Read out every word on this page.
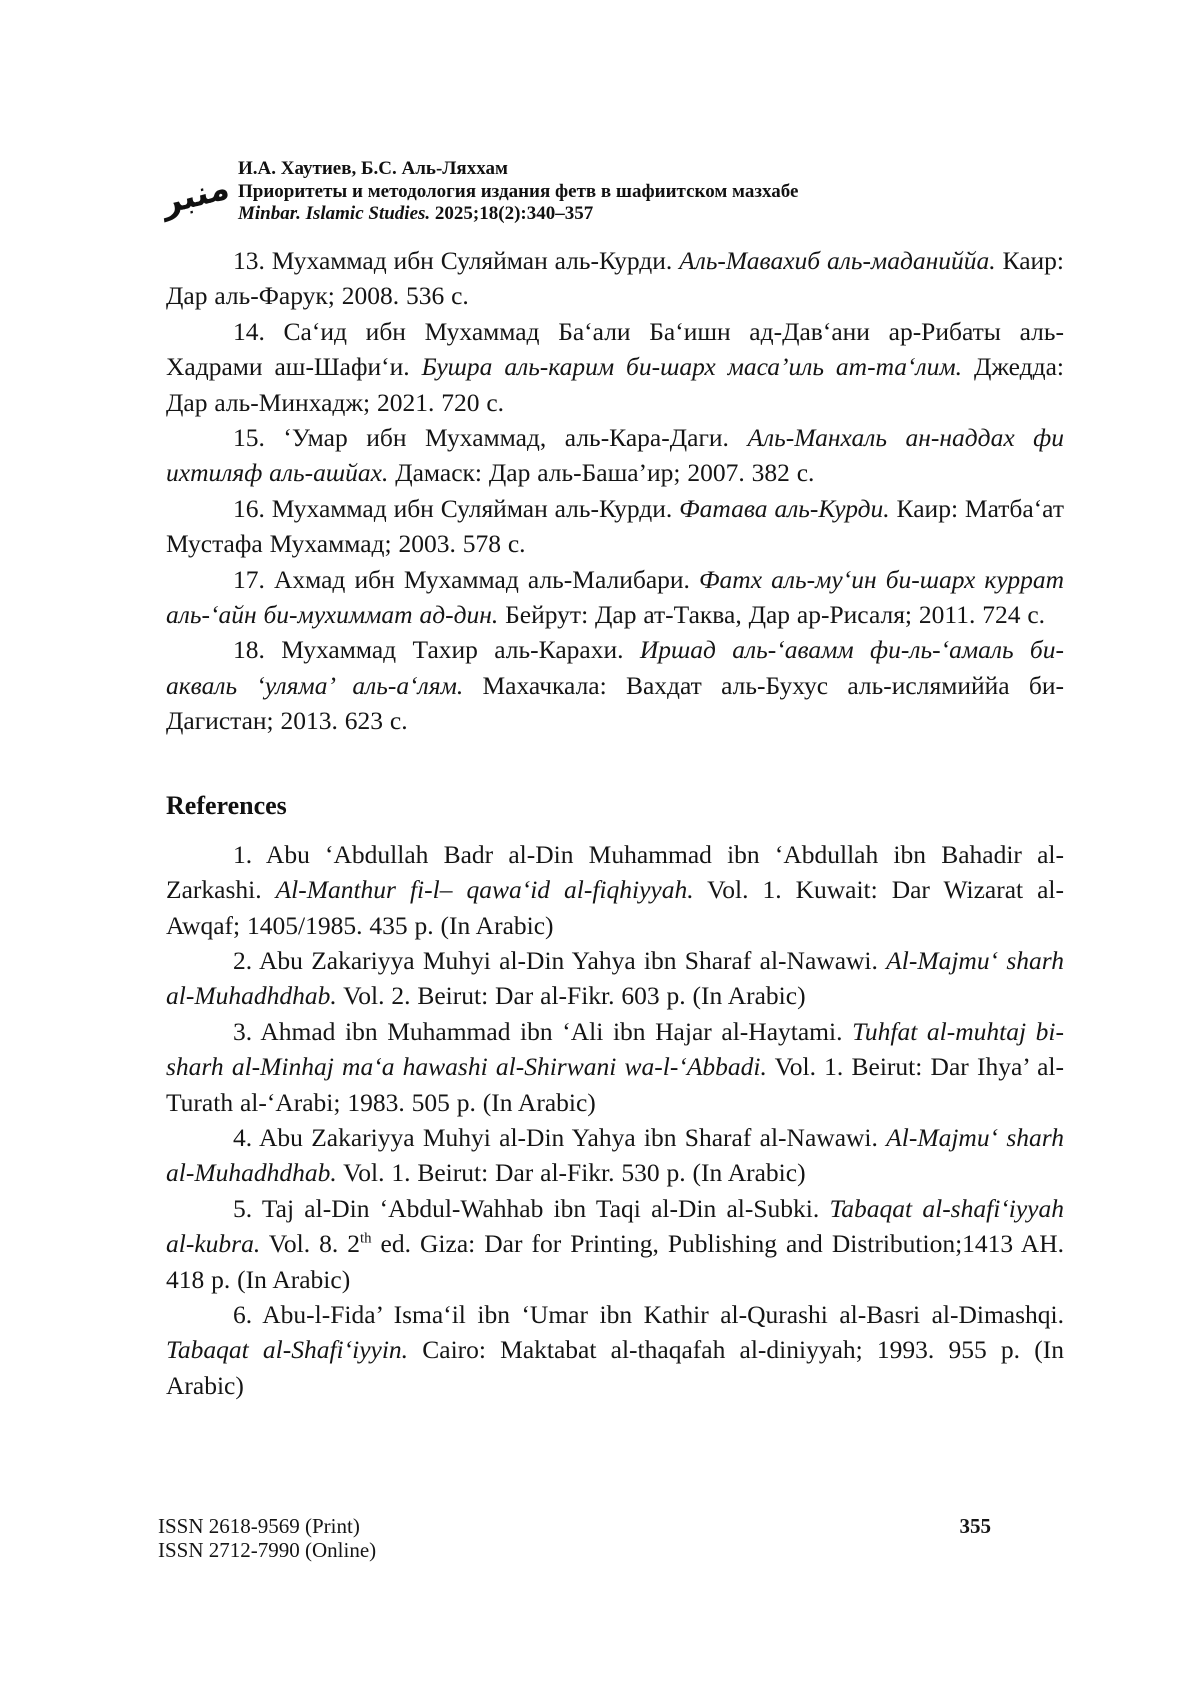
منبر И.А. Хаутиев, Б.С. Аль-Ляххам
Приоритеты и методология издания фетв в шафиитском мазхабе
Minbar. Islamic Studies. 2025;18(2):340–357

13. Мухаммад ибн Суляйман аль-Курди. Аль-Мавахиб аль-маданиййа. Каир: Дар аль-Фарук; 2008. 536 с.

14. Са‘ид ибн Мухаммад Ба‘али Ба‘ишн ад-Дав‘ани ар-Рибаты аль-Хадрами аш-Шафи‘и. Бушра аль-карим би-шарх маса’иль ат-та‘лим. Джедда: Дар аль-Минхадж; 2021. 720 с.

15. ‘Умар ибн Мухаммад, аль-Кара-Даги. Аль-Манхаль ан-наддах фи ихтиляф аль-ашйах. Дамаск: Дар аль-Баша’ир; 2007. 382 с.

16. Мухаммад ибн Суляйман аль-Курди. Фатава аль-Курди. Каир: Матба‘ат Мустафа Мухаммад; 2003. 578 с.

17. Ахмад ибн Мухаммад аль-Малибари. Фатх аль-му‘ин би-шарх куррат аль-‘айн би-мухиммат ад-дин. Бейрут: Дар ат-Таква, Дар ар-Рисаля; 2011. 724 с.

18. Мухаммад Тахир аль-Карахи. Иршад аль-‘авамм фи-ль-‘амаль би-акваль ‘уляма’ аль-а‘лям. Махачкала: Вахдат аль-Бухус аль-ислямиййа би-Дагистан; 2013. 623 с.

References

1. Abu ‘Abdullah Badr al-Din Muhammad ibn ‘Abdullah ibn Bahadir al-Zarkashi. Al-Manthur fi-l– qawa‘id al-fiqhiyyah. Vol. 1. Kuwait: Dar Wizarat al-Awqaf; 1405/1985. 435 p. (In Arabic)

2. Abu Zakariyya Muhyi al-Din Yahya ibn Sharaf al-Nawawi. Al-Majmu‘ sharh al-Muhadhdhab. Vol. 2. Beirut: Dar al-Fikr. 603 p. (In Arabic)

3. Ahmad ibn Muhammad ibn ‘Ali ibn Hajar al-Haytami. Tuhfat al-muhtaj bi-sharh al-Minhaj ma‘a hawashi al-Shirwani wa-l-‘Abbadi. Vol. 1. Beirut: Dar Ihya’ al-Turath al-‘Arabi; 1983. 505 p. (In Arabic)

4. Abu Zakariyya Muhyi al-Din Yahya ibn Sharaf al-Nawawi. Al-Majmu‘ sharh al-Muhadhdhab. Vol. 1. Beirut: Dar al-Fikr. 530 p. (In Arabic)

5. Taj al-Din ‘Abdul-Wahhab ibn Taqi al-Din al-Subki. Tabaqat al-shafi‘iyyah al-kubra. Vol. 8. 2th ed. Giza: Dar for Printing, Publishing and Distribution;1413 AH. 418 p. (In Arabic)

6. Abu-l-Fida’ Isma‘il ibn ‘Umar ibn Kathir al-Qurashi al-Basri al-Dimashqi. Tabaqat al-Shafi‘iyyin. Cairo: Maktabat al-thaqafah al-diniyyah; 1993. 955 p. (In Arabic)

ISSN 2618-9569 (Print)
ISSN 2712-7990 (Online)
355
